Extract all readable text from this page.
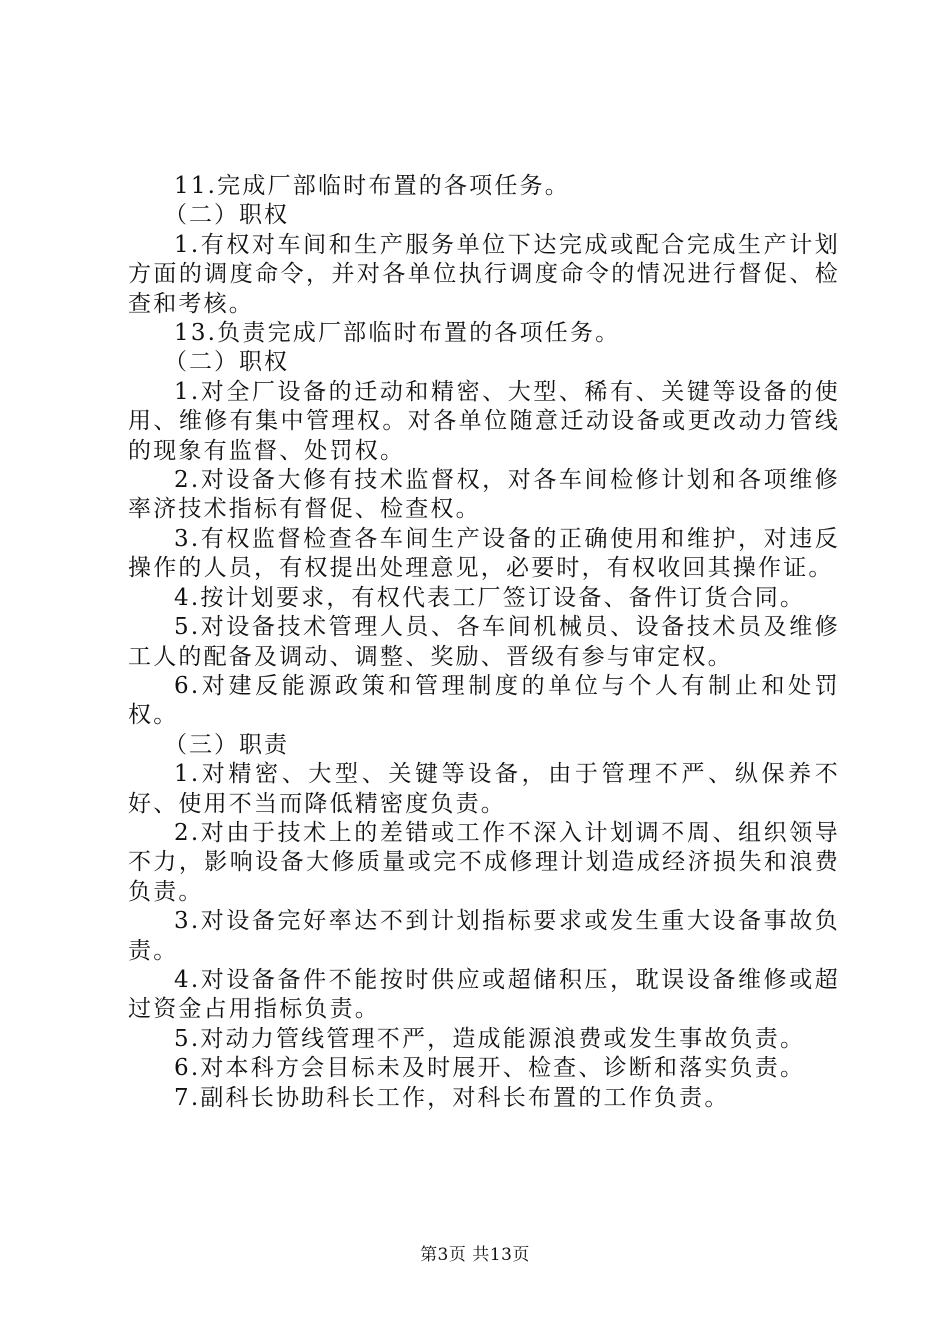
11.完成厂部临时布置的各项任务。

（二）职权

1.有权对车间和生产服务单位下达完成或配合完成生产计划方面的调度命令，并对各单位执行调度命令的情况进行督促、检查和考核。

13.负责完成厂部临时布置的各项任务。

（二）职权

1.对全厂设备的迁动和精密、大型、稀有、关键等设备的使用、维修有集中管理权。对各单位随意迁动设备或更改动力管线的现象有监督、处罚权。

2.对设备大修有技术监督权，对各车间检修计划和各项维修率济技术指标有督促、检查权。

3.有权监督检查各车间生产设备的正确使用和维护，对违反操作的人员，有权提出处理意见，必要时，有权收回其操作证。

4.按计划要求，有权代表工厂签订设备、备件订货合同。

5.对设备技术管理人员、各车间机械员、设备技术员及维修工人的配备及调动、调整、奖励、晋级有参与审定权。

6.对建反能源政策和管理制度的单位与个人有制止和处罚权。

（三）职责

1.对精密、大型、关键等设备，由于管理不严、纵保养不好、使用不当而降低精密度负责。

2.对由于技术上的差错或工作不深入计划调不周、组织领导不力，影响设备大修质量或完不成修理计划造成经济损失和浪费负责。

3.对设备完好率达不到计划指标要求或发生重大设备事故负责。

4.对设备备件不能按时供应或超储积压，耽误设备维修或超过资金占用指标负责。

5.对动力管线管理不严，造成能源浪费或发生事故负责。

6.对本科方会目标未及时展开、检查、诊断和落实负责。

7.副科长协助科长工作，对科长布置的工作负责。

第3页 共13页
